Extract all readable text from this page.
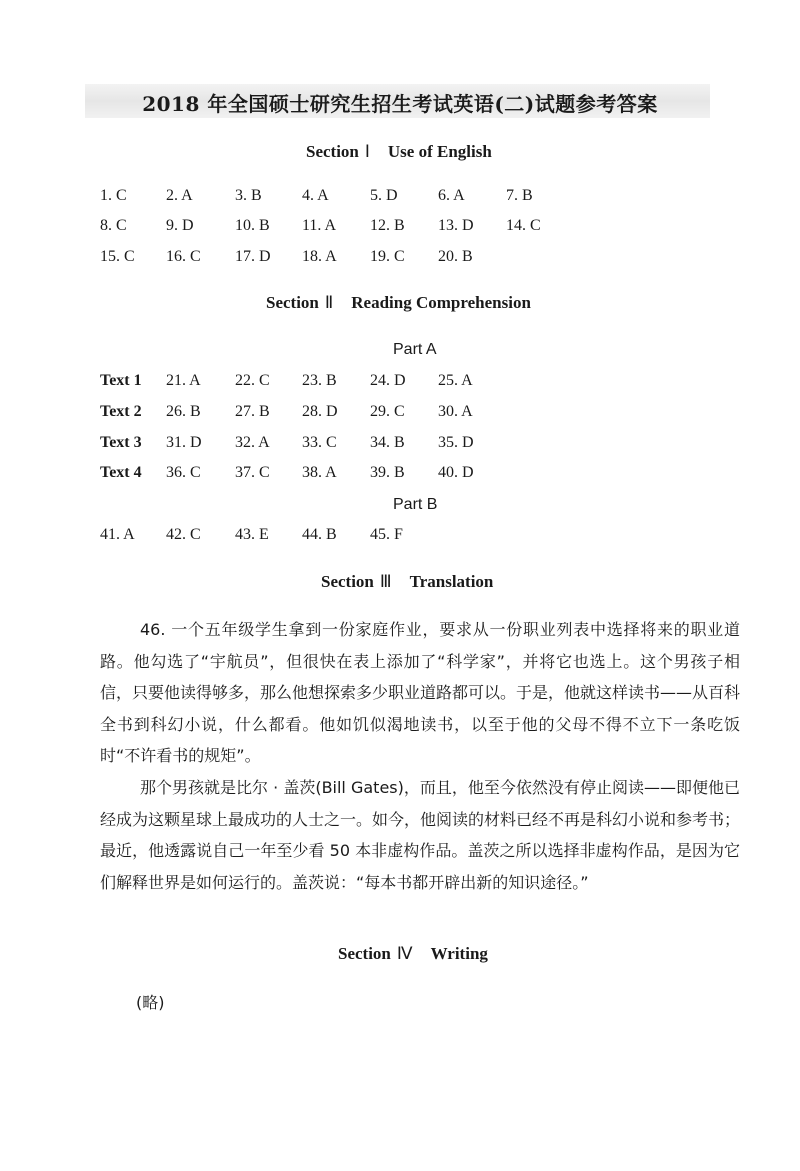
2018 年全国硕士研究生招生考试英语(二)试题参考答案
Section Ⅰ Use of English
1. C 2. A	3. B	4. A	5. D	6. A	7. B
8. C 9. D	10. B 11. A 12. B 13. D 14. C
15. C 16. C 17. D 18. A 19. C 20. B
Section Ⅱ Reading Comprehension
Part A
Text 1 21. A 22. C 23. B 24. D 25. A
Text 2 26. B 27. B 28. D 29. C 30. A
Text 3 31. D 32. A 33. C 34. B 35. D
Text 4 36. C 37. C 38. A 39. B 40. D
Part B
41. A 42. C 43. E 44. B 45. F
Section Ⅲ Translation

46. 一个五年级学生拿到一份家庭作业，要求从一份职业列表中选择将来的职业道路。他勾选了“宇航员”，但很快在表上添加了“科学家”，并将它也选上。这个男孩子相信，只要他读得够多，那么他想探索多少职业道路都可以。于是，他就这样读书——从百科全书到科幻小说，什么都看。他如饥似渴地读书，以至于他的父母不得不立下一条吃饭时“不许看书的规矩”。

那个男孩就是比尔 · 盖茨(Bill Gates)，而且，他至今依然没有停止阅读——即便他已经成为这颗星球上最成功的人士之一。如今，他阅读的材料已经不再是科幻小说和参考书；最近，他透露说自己一年至少看 50 本非虚构作品。盖茨之所以选择非虚构作品，是因为它们解释世界是如何运行的。盖茨说：“每本书都开辟出新的知识途径。”

Section Ⅳ Writing
(略)
